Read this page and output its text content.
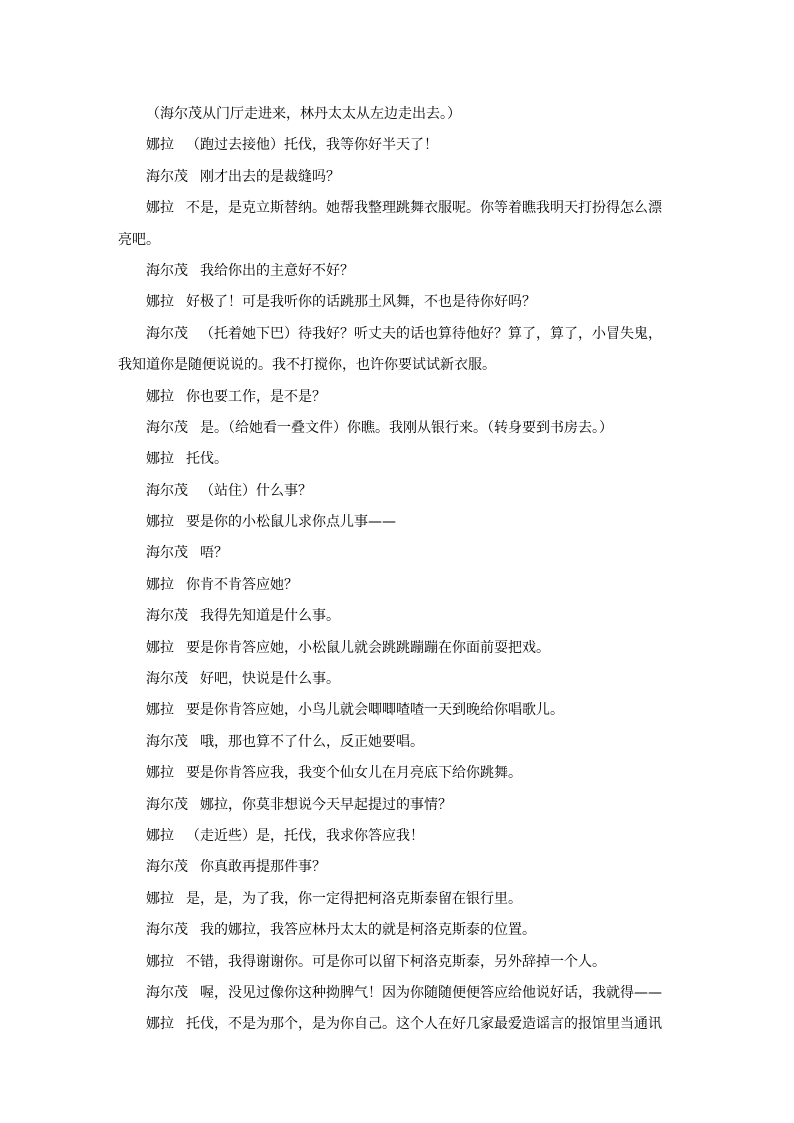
（海尔茂从门厅走进来，林丹太太从左边走出去。）
娜拉 （跑过去接他）托伐，我等你好半天了！
海尔茂 刚才出去的是裁缝吗？
娜拉 不是，是克立斯替纳。她帮我整理跳舞衣服呢。你等着瞧我明天打扮得怎么漂
亮吧。
海尔茂 我给你出的主意好不好？
娜拉 好极了！可是我听你的话跳那土风舞，不也是待你好吗？
海尔茂 （托着她下巴）待我好？听丈夫的话也算待他好？算了，算了，小冒失鬼，
我知道你是随便说说的。我不打搅你，也许你要试试新衣服。
娜拉 你也要工作，是不是？
海尔茂 是。（给她看一叠文件）你瞧。我刚从银行来。（转身要到书房去。）
娜拉 托伐。
海尔茂 （站住）什么事？
娜拉 要是你的小松鼠儿求你点儿事——
海尔茂 唔？
娜拉 你肯不肯答应她？
海尔茂 我得先知道是什么事。
娜拉 要是你肯答应她，小松鼠儿就会跳跳蹦蹦在你面前耍把戏。
海尔茂 好吧，快说是什么事。
娜拉 要是你肯答应她，小鸟儿就会唧唧喳喳一天到晚给你唱歌儿。
海尔茂 哦，那也算不了什么，反正她要唱。
娜拉 要是你肯答应我，我变个仙女儿在月亮底下给你跳舞。
海尔茂 娜拉，你莫非想说今天早起提过的事情？
娜拉 （走近些）是，托伐，我求你答应我！
海尔茂 你真敢再提那件事？
娜拉 是，是，为了我，你一定得把柯洛克斯泰留在银行里。
海尔茂 我的娜拉，我答应林丹太太的就是柯洛克斯泰的位置。
娜拉 不错，我得谢谢你。可是你可以留下柯洛克斯泰，另外辞掉一个人。
海尔茂 喔，没见过像你这种拗脾气！因为你随随便便答应给他说好话，我就得——
娜拉 托伐，不是为那个，是为你自己。这个人在好几家最爱造谣言的报馆里当通讯
